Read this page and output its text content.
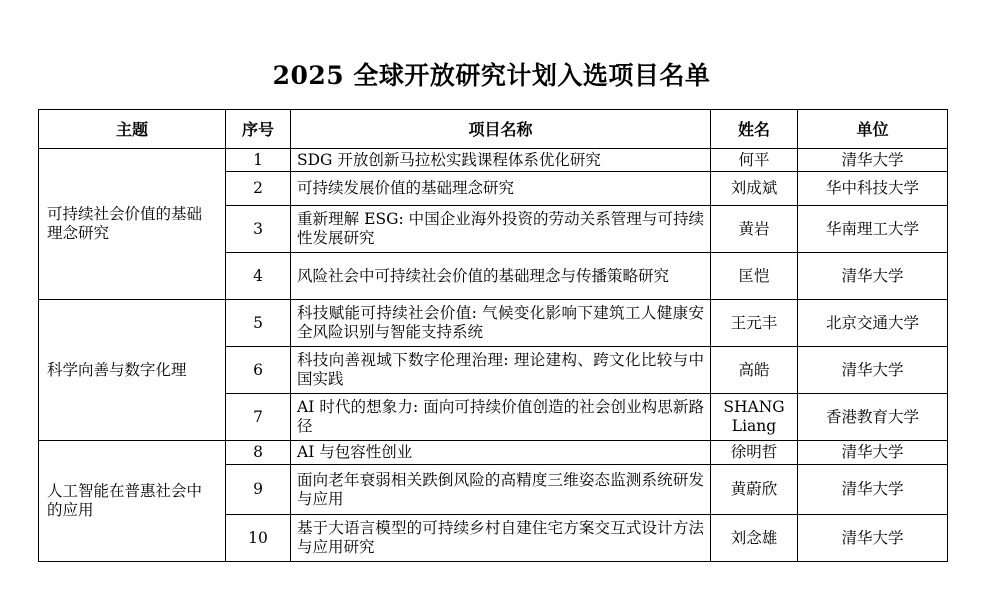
2025 全球开放研究计划入选项目名单
主题	序号	项目名称	姓名	单位
可持续社会价值的基础理念研究	1	SDG 开放创新马拉松实践课程体系优化研究	何平	清华大学
	2	可持续发展价值的基础理念研究	刘成斌	华中科技大学
	3	重新理解 ESG: 中国企业海外投资的劳动关系管理与可持续性发展研究	黄岩	华南理工大学
	4	风险社会中可持续社会价值的基础理念与传播策略研究	匡恺	清华大学
科学向善与数字化理	5	科技赋能可持续社会价值: 气候变化影响下建筑工人健康安全风险识别与智能支持系统	王元丰	北京交通大学
	6	科技向善视域下数字伦理治理: 理论建构、跨文化比较与中国实践	高皓	清华大学
	7	AI 时代的想象力: 面向可持续价值创造的社会创业构思新路径	SHANG Liang	香港教育大学
人工智能在普惠社会中的应用	8	AI 与包容性创业	徐明哲	清华大学
	9	面向老年衰弱相关跌倒风险的高精度三维姿态监测系统研发与应用	黄蔚欣	清华大学
	10	基于大语言模型的可持续乡村自建住宅方案交互式设计方法与应用研究	刘念雄	清华大学
